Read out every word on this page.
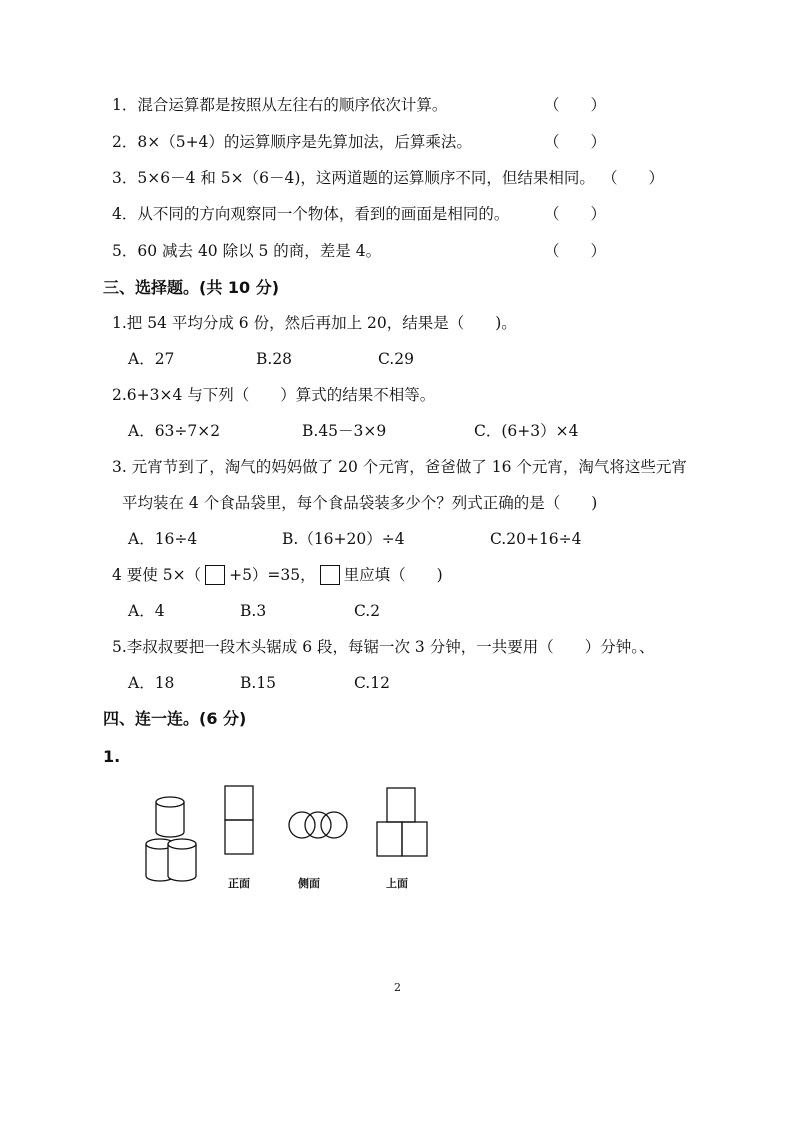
1．混合运算都是按照从左往右的顺序依次计算。	（　　）
2．8×（5+4）的运算顺序是先算加法，后算乘法。	（　　）
3．5×6－4 和 5×（6－4)，这两道题的运算顺序不同，但结果相同。 （　　）
4．从不同的方向观察同一个物体，看到的画面是相同的。 （　　）
5．60 减去 40 除以 5 的商，差是 4。	（　　）
三、选择题。(共 10 分)
1.把 54 平均分成 6 份，然后再加上 20，结果是（　　)。
A．27	B.28	C.29
2.6+3×4 与下列（　　）算式的结果不相等。
A．63÷7×2	B.45－3×9	C．(6+3）×4
3. 元宵节到了，淘气的妈妈做了 20 个元宵，爸爸做了 16 个元宵，淘气将这些元宵
平均装在 4 个食品袋里，每个食品袋装多少个？列式正确的是（　　)
A．16÷4	B.（16+20）÷4	C.20+16÷4
4 要使 5×（ +5）=35， 里应填（　　)
A．4	B.3	C.2
5.李叔叔要把一段木头锯成 6 段，每锯一次 3 分钟，一共要用（　　）分钟。、
A．18	B.15	C.12
四、连一连。(6 分)
1.
正面	侧面	上面
2
